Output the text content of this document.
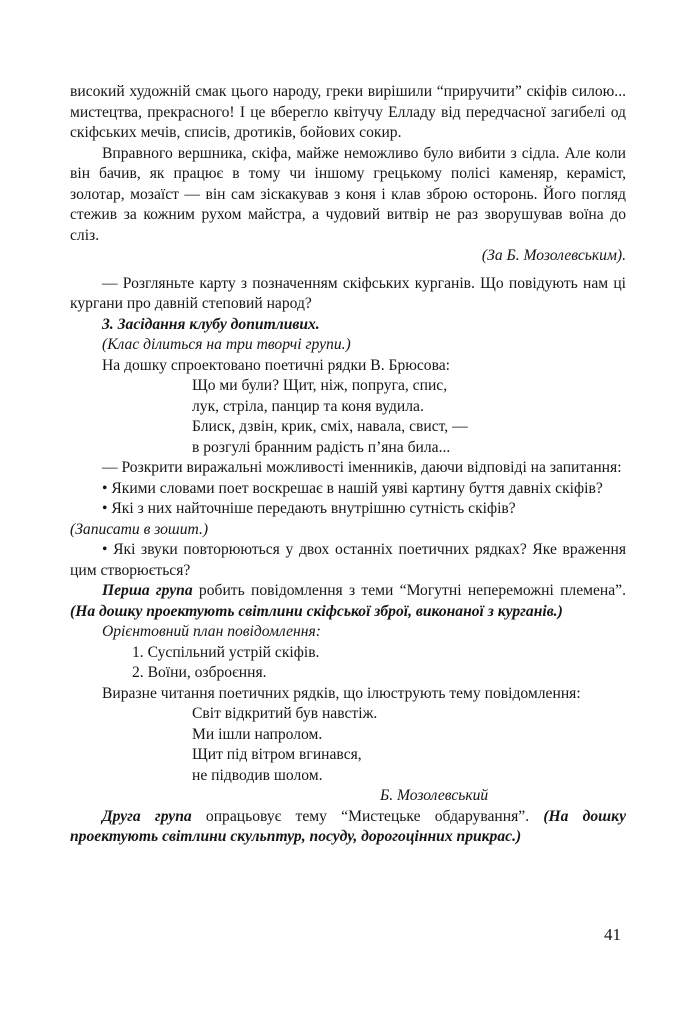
високий художній смак цього народу, греки вирішили “приручити” скіфів силою... мистецтва, прекрасного! І це вберегло квітучу Елладу від передчасної загибелі од скіфських мечів, списів, дротиків, бойових сокир.

Вправного вершника, скіфа, майже неможливо було вибити з сідла. Але коли він бачив, як працює в тому чи іншому грецькому полісі каменяр, кераміст, золотар, мозаїст — він сам зіскакував з коня і клав зброю осторонь. Його погляд стежив за кожним рухом майстра, а чудовий витвір не раз зворушував воїна до сліз.

(За Б. Мозолевським).

— Розгляньте карту з позначенням скіфських курганів. Що повідують нам ці кургани про давній степовий народ?

3. Засідання клубу допитливих.

(Клас ділиться на три творчі групи.)

На дошку спроектовано поетичні рядки В. Брюсова:

Що ми були? Щит, ніж, попруга, спис,
лук, стріла, панцир та коня вудила.
Блиск, дзвін, крик, сміх, навала, свист, —
в розгулі бранним радість п’яна била...

— Розкрити виражальні можливості іменників, даючи відповіді на запитання:

• Якими словами поет воскрешає в нашій уяві картину буття давніх скіфів?

• Які з них найточніше передають внутрішню сутність скіфів?

(Записати в зошит.)

• Які звуки повторюються у двох останніх поетичних рядках? Яке враження цим створюється?

Перша група робить повідомлення з теми “Могутні непереможні племена”. (На дошку проектують світлини скіфської зброї, виконаної з курганів.)

Орієнтовний план повідомлення:

1. Суспільний устрій скіфів.
2. Воїни, озброєння.

Виразне читання поетичних рядків, що ілюструють тему повідомлення:

Світ відкритий був навстіж.
Ми ішли напролом.
Щит під вітром вгинався,
не підводив шолом.

Б. Мозолевський

Друга група опрацьовує тему “Мистецьке обдарування”. (На дошку проектують світлини скульптур, посуду, дорогоцінних прикрас.)

41
